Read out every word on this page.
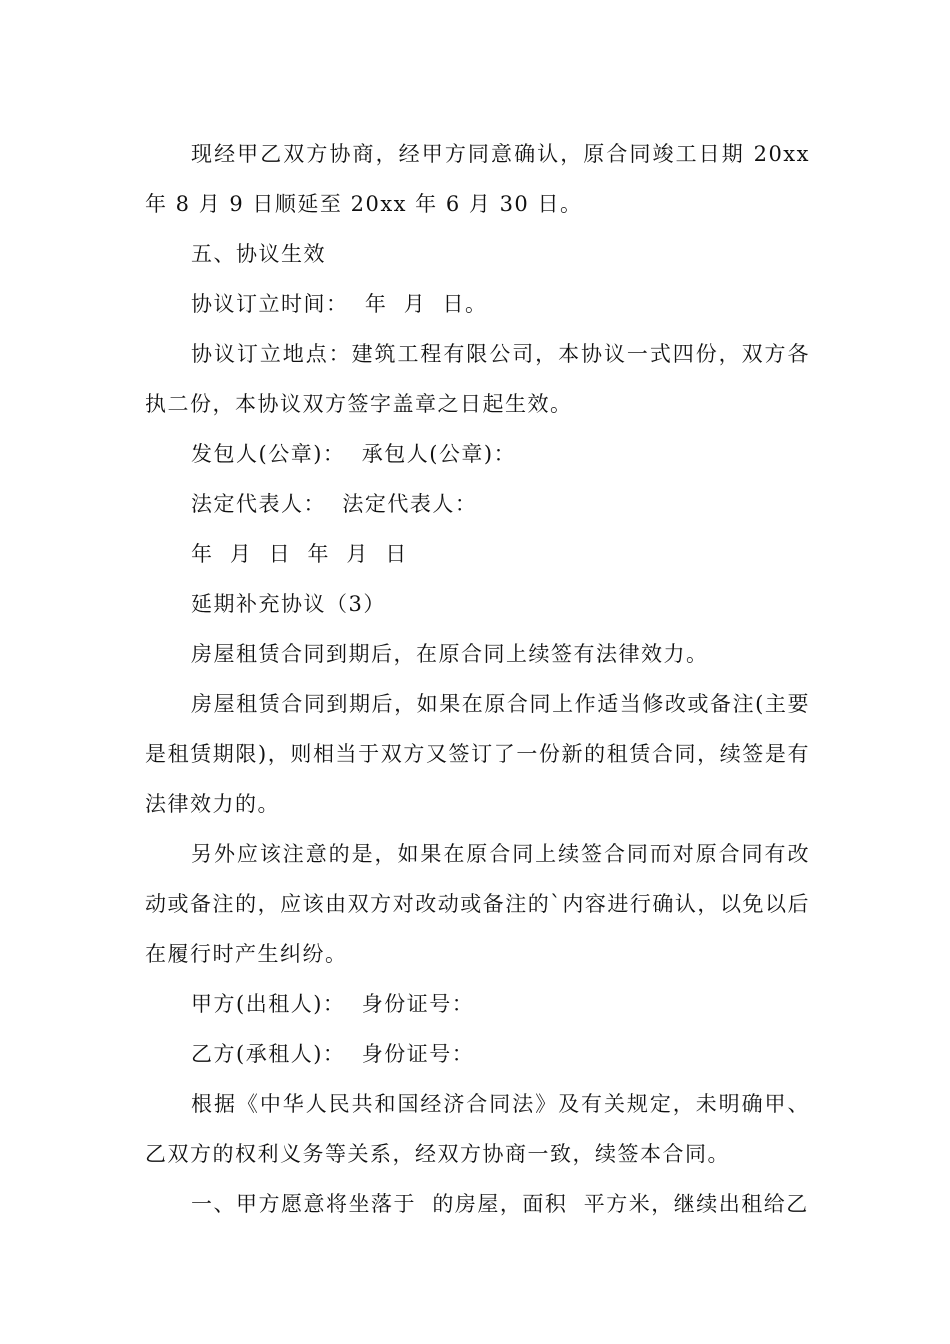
现经甲乙双方协商，经甲方同意确认，原合同竣工日期 20xx 年 8 月 9 日顺延至 20xx 年 6 月 30 日。

五、协议生效

协议订立时间：  年  月  日。

协议订立地点：建筑工程有限公司，本协议一式四份，双方各执二份，本协议双方签字盖章之日起生效。

发包人(公章)：  承包人(公章)：

法定代表人：  法定代表人：

年  月  日  年  月  日

延期补充协议（3）

房屋租赁合同到期后，在原合同上续签有法律效力。

房屋租赁合同到期后，如果在原合同上作适当修改或备注(主要是租赁期限)，则相当于双方又签订了一份新的租赁合同，续签是有法律效力的。

另外应该注意的是，如果在原合同上续签合同而对原合同有改动或备注的，应该由双方对改动或备注的`内容进行确认，以免以后在履行时产生纠纷。

甲方(出租人)：  身份证号：

乙方(承租人)：  身份证号：

根据《中华人民共和国经济合同法》及有关规定，未明确甲、乙双方的权利义务等关系，经双方协商一致，续签本合同。

一、甲方愿意将坐落于  的房屋，面积  平方米，继续出租给乙
